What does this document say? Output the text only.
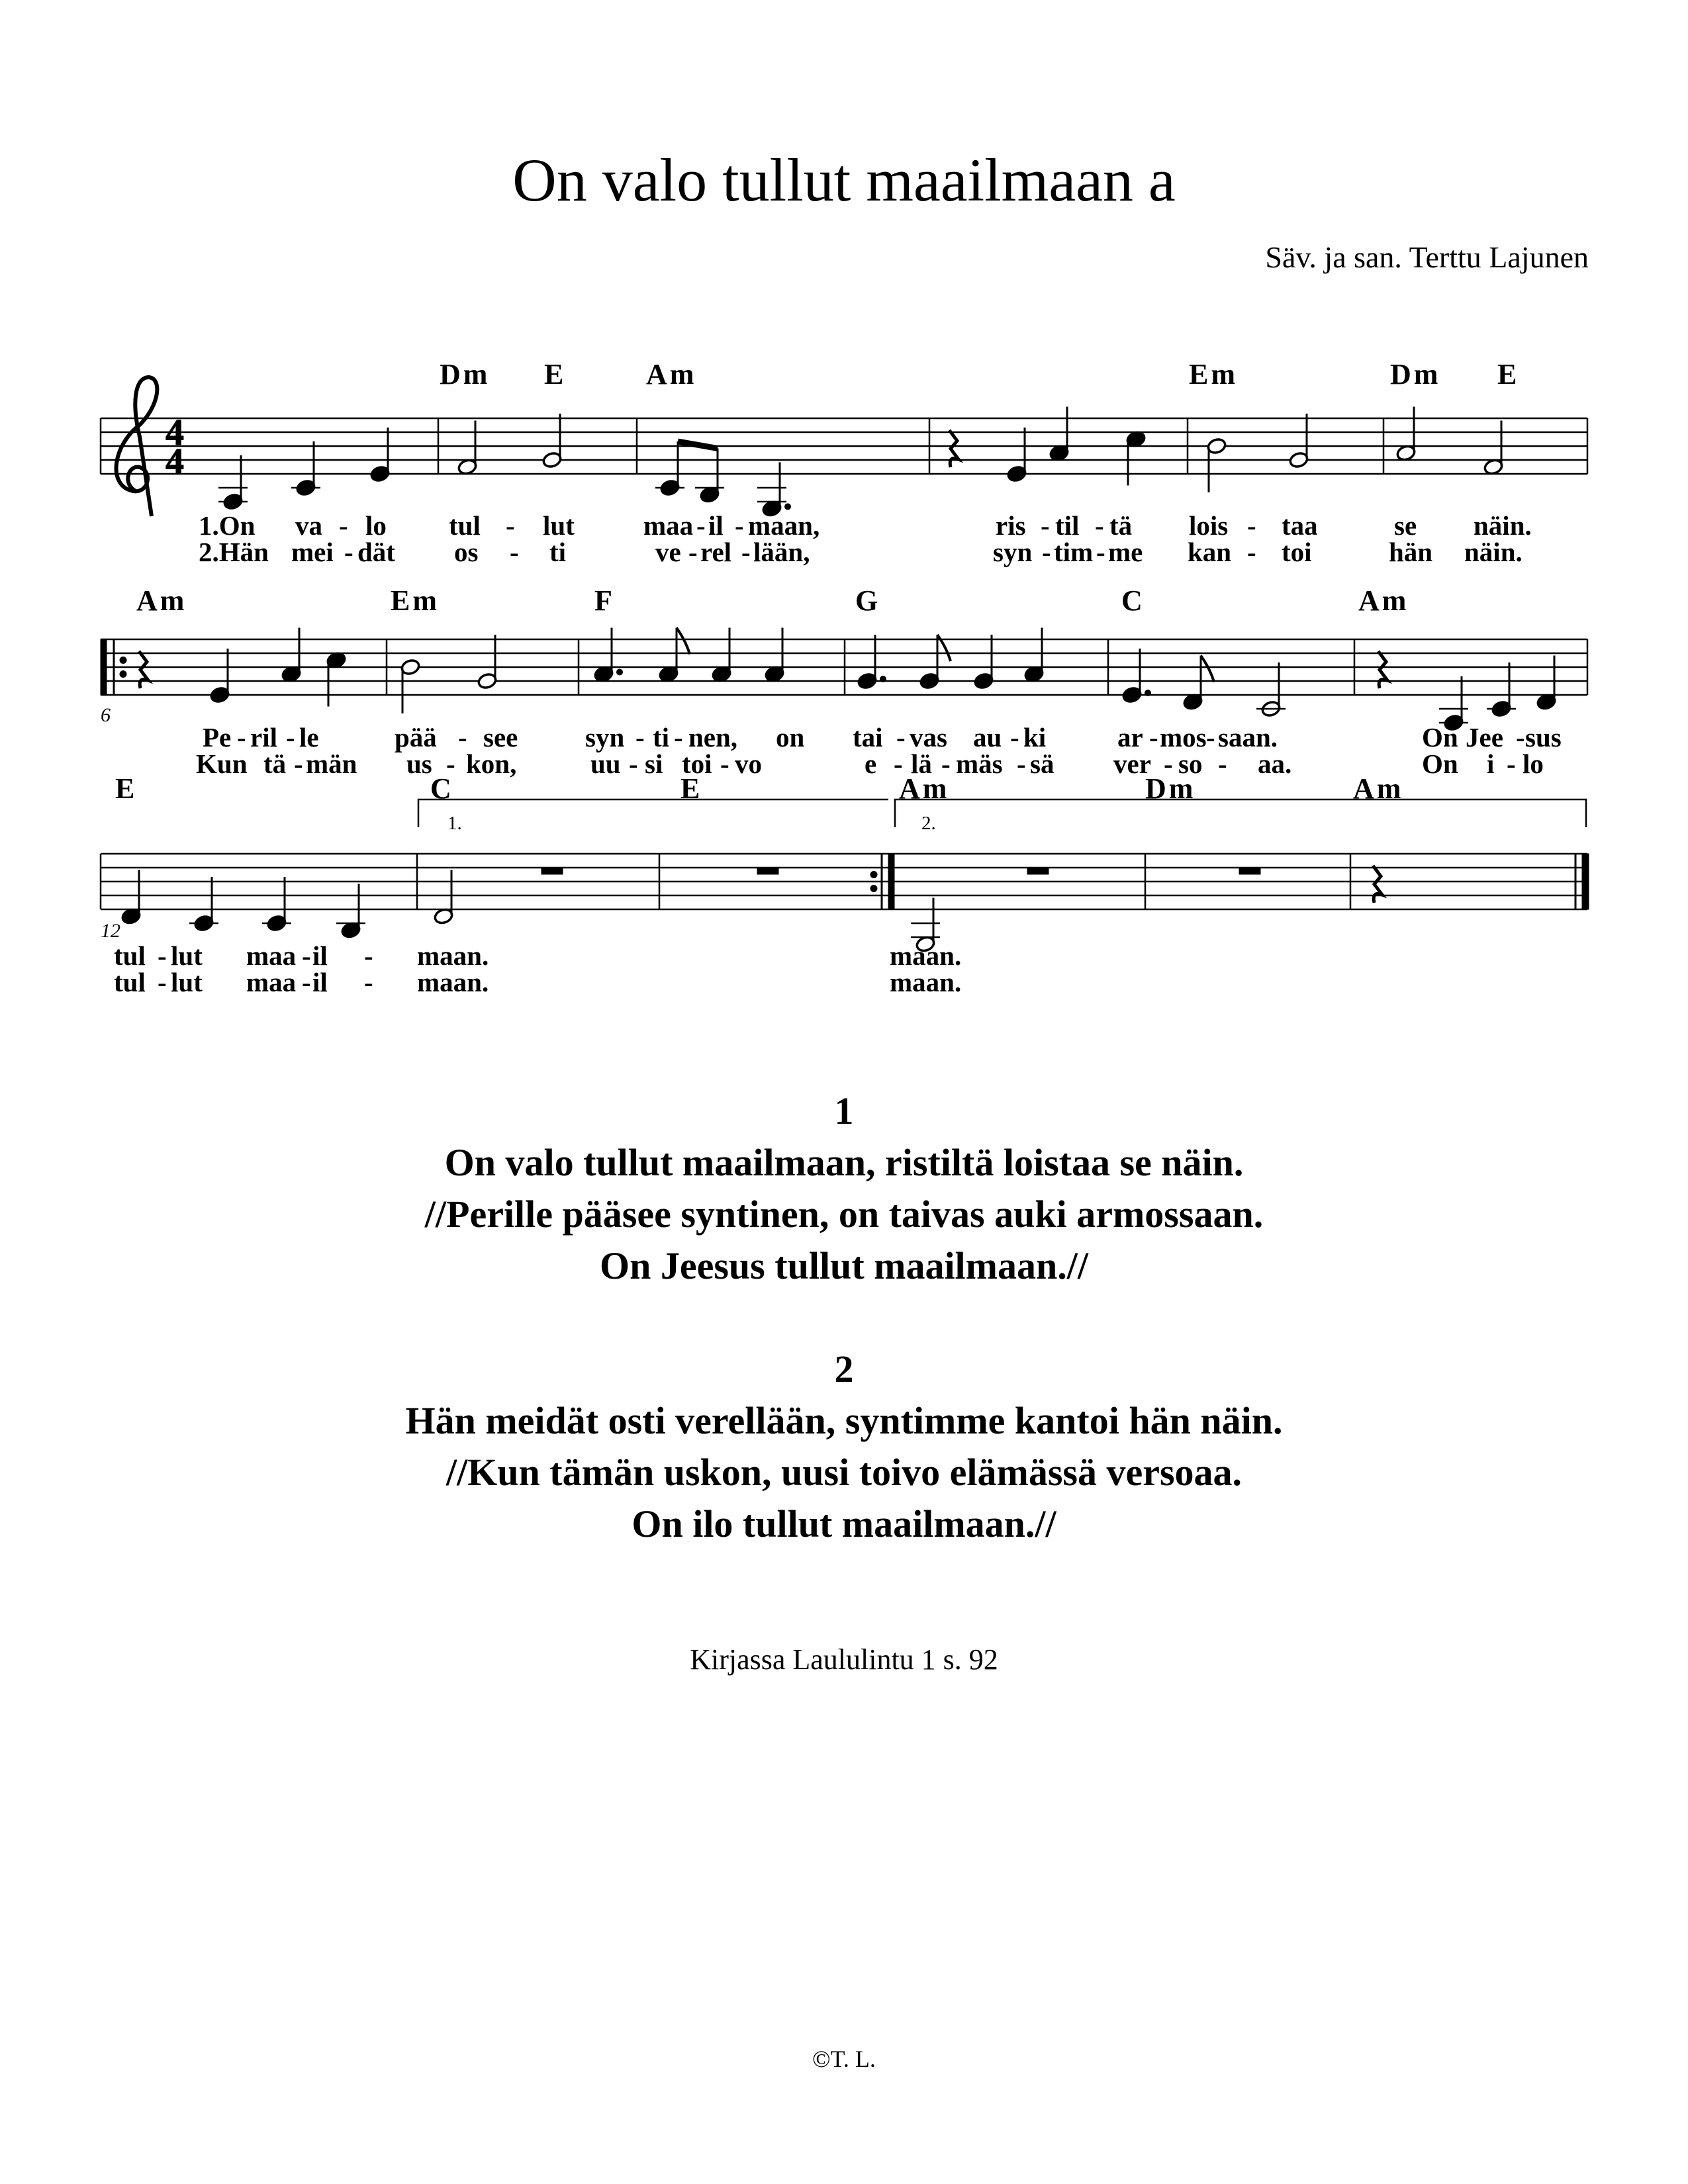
On valo tullut maailmaan a
Säv. ja san. Terttu Lajunen
4
4
Dm E	Am	Em	Dm E
Am	Em	F	G	C	Am
E	C	E	Am	Dm	Am
1.	2.
6
12
1.On va - lo tul - lut	maa - il - maan,	ris - til - tä lois - taa	se näin.
2.Hän mei - dät os - ti	ve - rel - lään,	syn - tim - me kan - toi	hän näin.
Pe - ril - le	pää - see syn - ti - nen, on tai - vas au - ki	ar - mos - saan.	On Jee - sus
Kun tä - män us - kon,	uu - si toi - vo	e - lä - mäs - sä ver - so - aa.	On i - lo
tul - lut maa - il - maan.	maan.
tul - lut maa - il - maan.	maan.

1

On valo tullut maailmaan, ristiltä loistaa se näin.

//Perille pääsee syntinen, on taivas auki armossaan.

On Jeesus tullut maailmaan.//

2

Hän meidät osti verellään, syntimme kantoi hän näin.

//Kun tämän uskon, uusi toivo elämässä versoaa.

On ilo tullut maailmaan.//

Kirjassa Laululintu 1 s. 92
©T. L.
